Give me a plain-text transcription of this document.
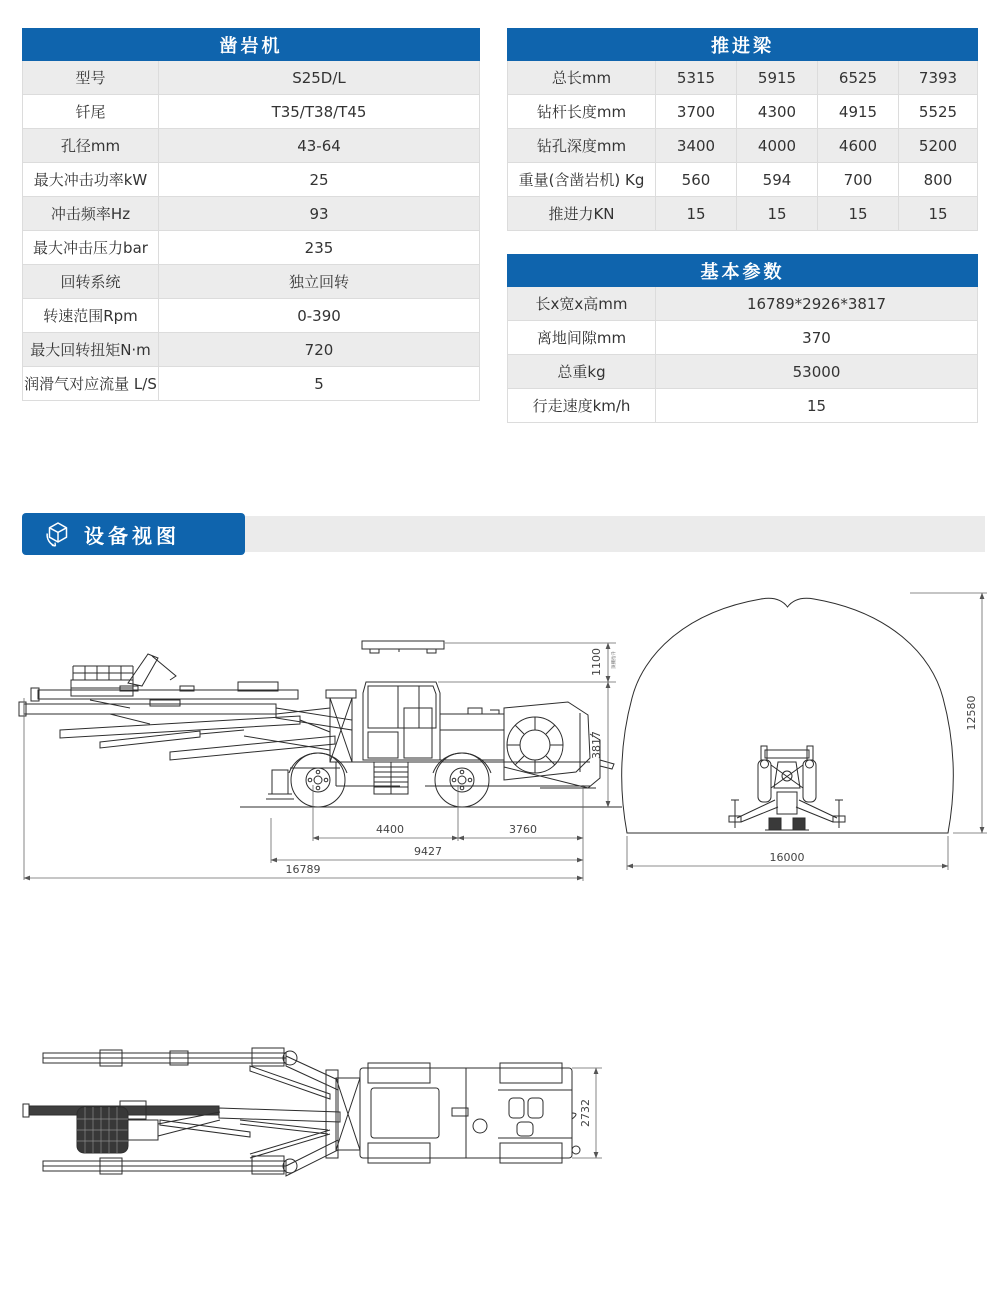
凿岩机	
型号	S25D/L
钎尾	T35/T38/T45
孔径mm	43-64
最大冲击功率kW	25
冲击频率Hz	93
最大冲击压力bar	235
回转系统	独立回转
转速范围Rpm	0-390
最大回转扭矩N·m	720
润滑气对应流量 L/S	5
推进梁				
总长mm	5315	5915	6525	7393
钻杆长度mm	3700	4300	4915	5525
钻孔深度mm	3400	4000	4600	5200
重量(含凿岩机) Kg	560	594	700	800
推进力KN	15	15	15	15
基本参数	
长x宽x高mm	16789*2926*3817
离地间隙mm	370
总重kg	53000
行走速度km/h	15
设备视图
4400	3760
9427
16789
1100	顶棚抬升
3817
12580
16000
2732
